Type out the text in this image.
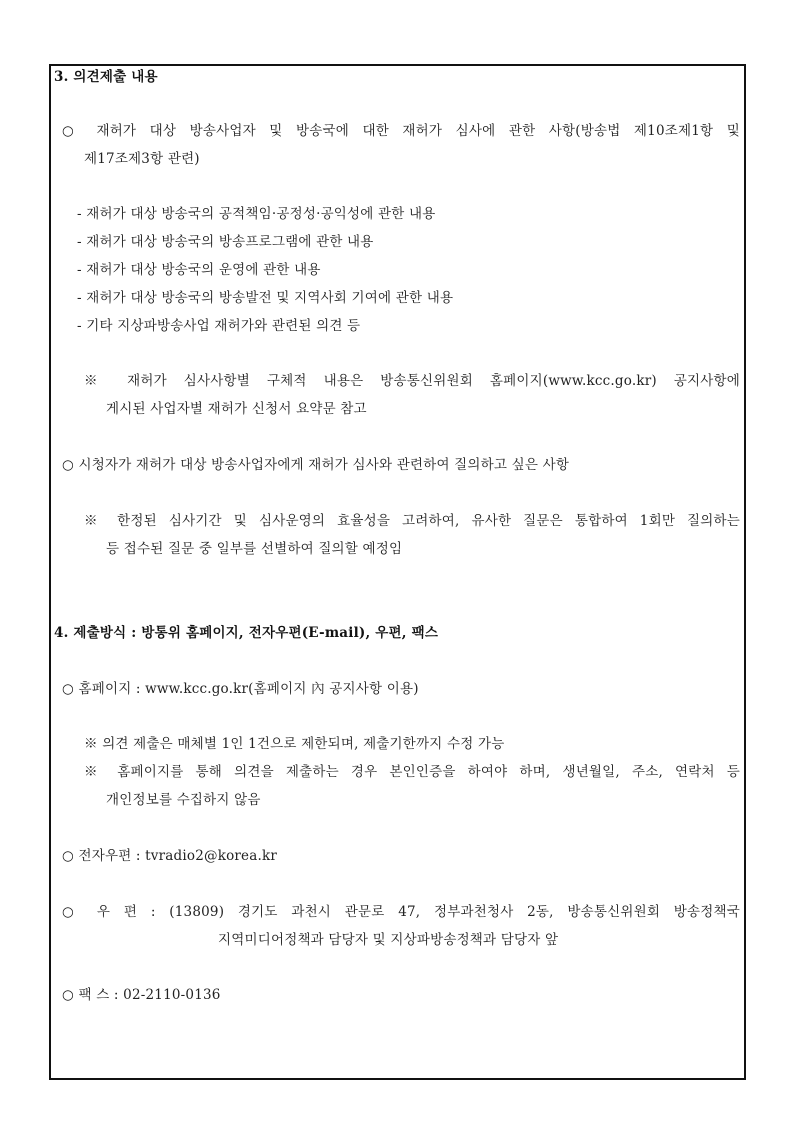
3. 의견제출 내용
○ 재허가 대상 방송사업자 및 방송국에 대한 재허가 심사에 관한 사항(방송법 제10조제1항 및
제17조제3항 관련)
- 재허가 대상 방송국의 공적책임·공정성·공익성에 관한 내용
- 재허가 대상 방송국의 방송프로그램에 관한 내용
- 재허가 대상 방송국의 운영에 관한 내용
- 재허가 대상 방송국의 방송발전 및 지역사회 기여에 관한 내용
- 기타 지상파방송사업 재허가와 관련된 의견 등
※ 재허가 심사사항별 구체적 내용은 방송통신위원회 홈페이지(www.kcc.go.kr) 공지사항에
게시된 사업자별 재허가 신청서 요약문 참고
○ 시청자가 재허가 대상 방송사업자에게 재허가 심사와 관련하여 질의하고 싶은 사항
※ 한정된 심사기간 및 심사운영의 효율성을 고려하여, 유사한 질문은 통합하여 1회만 질의하는
등 접수된 질문 중 일부를 선별하여 질의할 예정임
4. 제출방식 : 방통위 홈페이지, 전자우편(E-mail), 우편, 팩스
○ 홈페이지 : www.kcc.go.kr(홈페이지 內 공지사항 이용)
※ 의견 제출은 매체별 1인 1건으로 제한되며, 제출기한까지 수정 가능
※ 홈페이지를 통해 의견을 제출하는 경우 본인인증을 하여야 하며, 생년월일, 주소, 연락처 등
개인정보를 수집하지 않음
○ 전자우편 : tvradio2@korea.kr
○ 우 편 : (13809) 경기도 과천시 관문로 47, 정부과천청사 2동, 방송통신위원회 방송정책국
지역미디어정책과 담당자 및 지상파방송정책과 담당자 앞
○ 팩 스 : 02-2110-0136
